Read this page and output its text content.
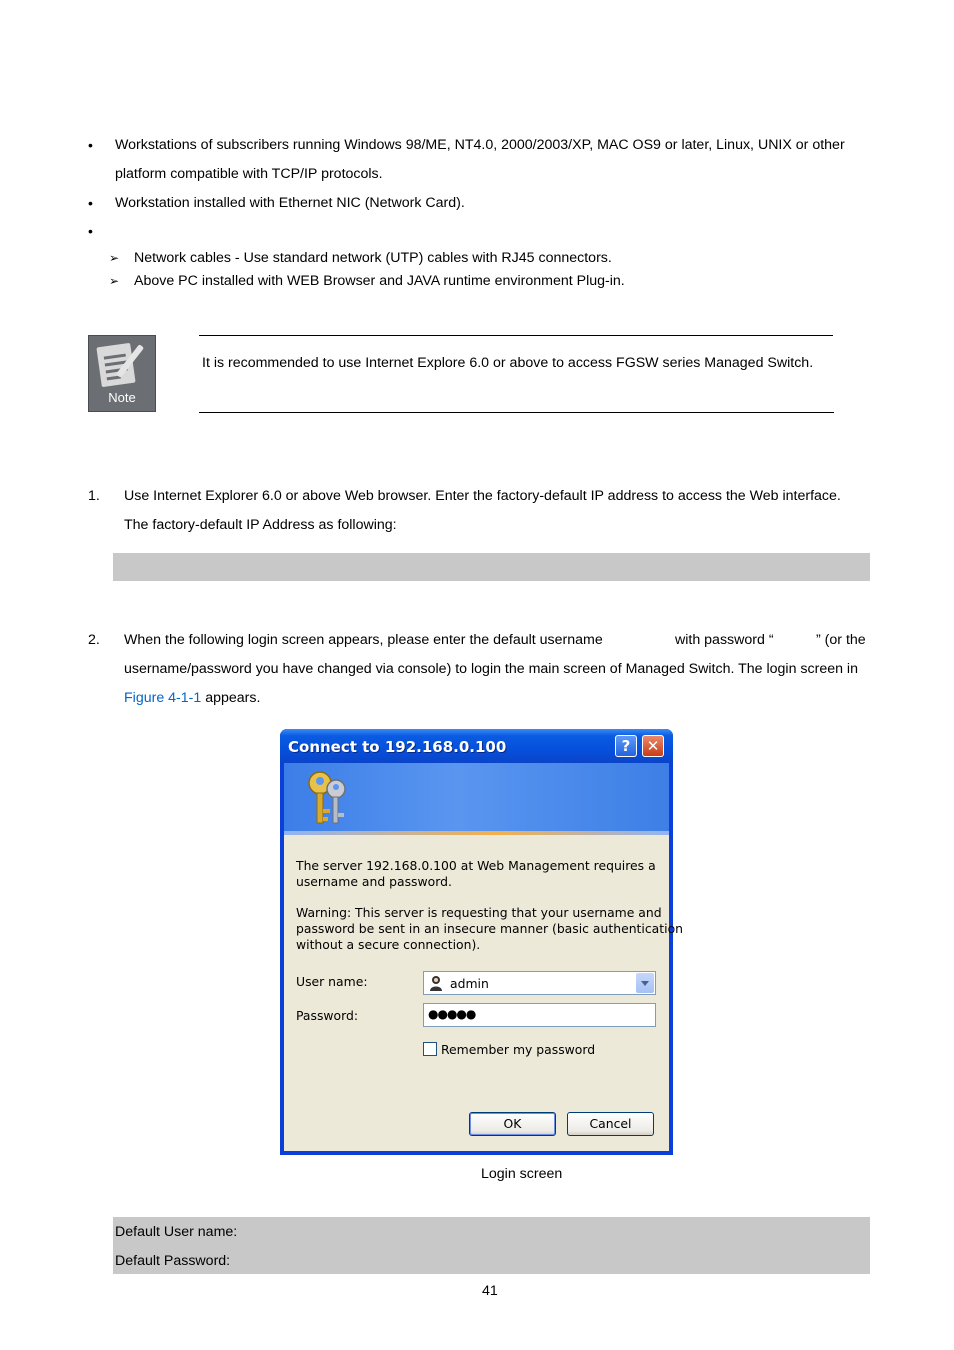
• Workstations of subscribers running Windows 98/ME, NT4.0, 2000/2003/XP, MAC OS9 or later, Linux, UNIX or other
platform compatible with TCP/IP protocols.
• Workstation installed with Ethernet NIC (Network Card).
•
➢ Network cables - Use standard network (UTP) cables with RJ45 connectors.
➢ Above PC installed with WEB Browser and JAVA runtime environment Plug-in.
Note
It is recommended to use Internet Explore 6.0 or above to access FGSW series Managed Switch.
1. Use Internet Explorer 6.0 or above Web browser. Enter the factory-default IP address to access the Web interface.
The factory-default IP Address as following:
2. When the following login screen appears, please enter the default username	with password “	” (or the
username/password you have changed via console) to login the main screen of Managed Switch. The login screen in
Figure 4-1-1 appears.
Connect to 192.168.0.100	?	✕
The server 192.168.0.100 at Web Management requires a
username and password.
Warning: This server is requesting that your username and
password be sent in an insecure manner (basic authentication
without a secure connection).
User name:	admin
Password:	●●●●●
Remember my password
OK	Cancel
Login screen
Default User name:
Default Password:
41
